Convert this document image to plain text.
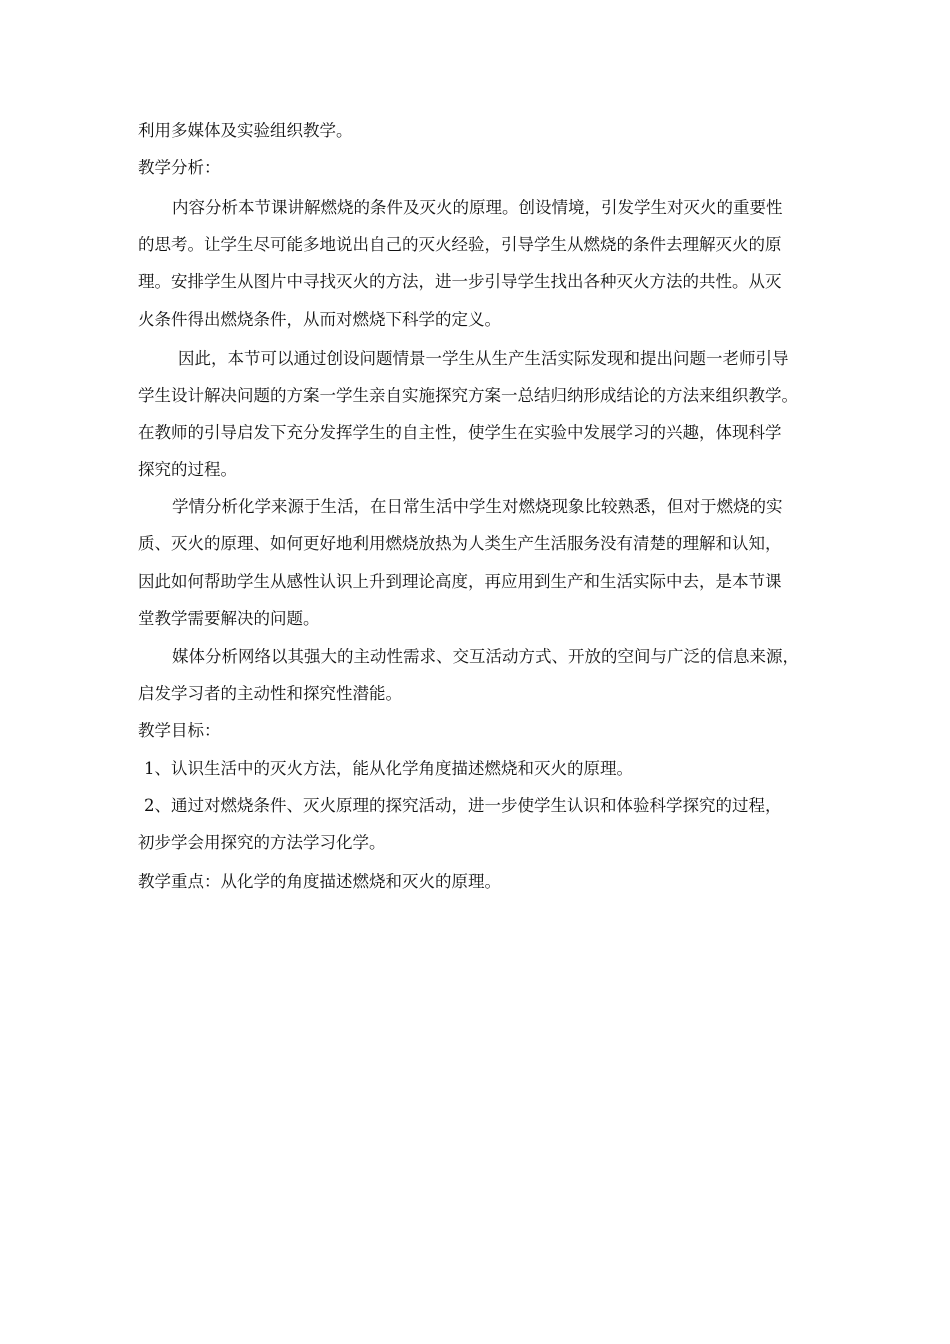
利用多媒体及实验组织教学。
教学分析：
内容分析本节课讲解燃烧的条件及灭火的原理。创设情境，引发学生对灭火的重要性
的思考。让学生尽可能多地说出自己的灭火经验，引导学生从燃烧的条件去理解灭火的原
理。安排学生从图片中寻找灭火的方法，进一步引导学生找出各种灭火方法的共性。从灭
火条件得出燃烧条件，从而对燃烧下科学的定义。
因此，本节可以通过创设问题情景一学生从生产生活实际发现和提出问题一老师引导
学生设计解决问题的方案一学生亲自实施探究方案一总结归纳形成结论的方法来组织教学。
在教师的引导启发下充分发挥学生的自主性，使学生在实验中发展学习的兴趣，体现科学
探究的过程。
学情分析化学来源于生活，在日常生活中学生对燃烧现象比较熟悉，但对于燃烧的实
质、灭火的原理、如何更好地利用燃烧放热为人类生产生活服务没有清楚的理解和认知，
因此如何帮助学生从感性认识上升到理论高度，再应用到生产和生活实际中去，是本节课
堂教学需要解决的问题。
媒体分析网络以其强大的主动性需求、交互活动方式、开放的空间与广泛的信息来源，
启发学习者的主动性和探究性潜能。
教学目标：
1、认识生活中的灭火方法，能从化学角度描述燃烧和灭火的原理。
2、通过对燃烧条件、灭火原理的探究活动，进一步使学生认识和体验科学探究的过程，
初步学会用探究的方法学习化学。
教学重点：从化学的角度描述燃烧和灭火的原理。
